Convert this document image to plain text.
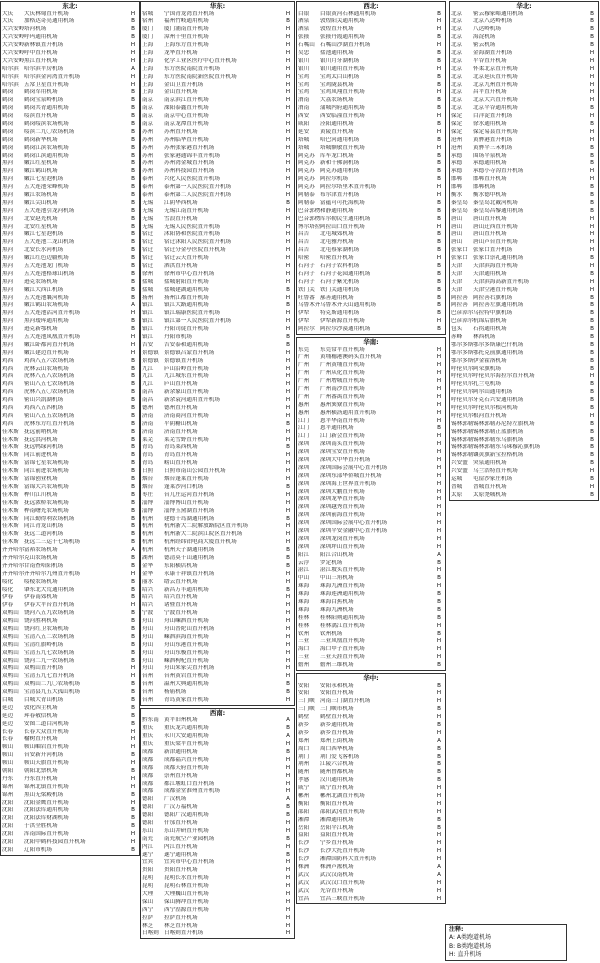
东北:
大庆	大庆林甸直升机场	H
大庆	加格达奇亮通用机场	B
大兴安岭 塔河机场	B
大兴安岭 呼玛通用机场	B
大兴安岭 新林镇直升机场	H
大兴安岭 呼中直升机场	H
大兴安岭 黑江直升机场	H
哈尔滨 哈尔滨平房机场	A
哈尔滨 哈尔滨金河湾直升机场	H
哈尔滨 五常卫星直升机场	H
鹤岗	鹤岗军用机场	B
鹤岗	鹤岗宝泉岭机场	B
鹤岗	鹤岗共青通用机场	B
鹤岗	绥滨直升机场	B
鹤岗	鹤岗绥滨农场机场	B
鹤岗	绥滨二九〇农场机场	B
鹤岗	鹤岗新华机场	B
鹤岗	鹤岗江滨农场机场	B
鹤岗	鹤岗江滨通用机场	B
黑河	嫩江红星机场	B
黑河	嫩江鹤山机场	B
黑河	嫩江七星泡机场	B
黑河	五大连池荣峰机场	B
黑河	嫩江农场机场	B
黑河	嫩江尖山机场	B
黑河	五大连池引龙河机场	B
黑河	北安赵光机场	B
黑河	北安红星机场	B
黑河	嫩江七星泡机场	B
黑河	五大连池二龙山机场	B
黑河	北安长水河机场	B
黑河	嫩江红色边疆机场	B
黑河	五大连池龙门机场	B
黑河	五大连池格球山机场	B
黑河	逊克农场机场	B
黑河	嫩江大西江机场	B
黑河	五大连池襄河机场	B
黑河	嫩江鹤山农场机场	A
黑河	五大连池沾河直升机场	H
黑河	黑河瑷珲通用机场	B
黑河	逊克新鄂机场	B
黑河	五大连池凤凰直升机场	H
黑河	嫩江卧都河直升机场	H
黑河	嫩江建边直升机场	H
鸡西	鸡西八五六农场机场	B
鸡西	虎林云山农场机场	B
鸡西	虎林八五八农场机场	B
鸡西	密山八五七农场机场	B
鸡西	虎林八五〇农场机场	B
鸡西	密山兴凯湖机场	B
鸡西	鸡西八五四机场	B
鸡西	密山八五五农场机场	B
鸡西	虎林东方红直升机场	B
佳木斯 抚远前哨机场	B
佳木斯 抚远洪河机场	B
佳木斯 抚远鸭绿河机场	B
佳木斯 同江前进机场	B
佳木斯 富锦七星农场机场	B
佳木斯 同江前进农场机场	B
佳木斯 富锦创业机场	B
佳木斯 富锦大兴农场机场	B
佳木斯 桦川江川机场	B
佳木斯 抚远浓桥农场机场	B
佳木斯 桦南曙光农场机场	B
佳木斯 同江勤得利农场机场	B
佳木斯 同江青龙山机场	B
佳木斯 抚远二道河机场	B
佳木斯 抚远二三运十七场机场	B
齐齐哈尔 富裕农场机场	A
齐齐哈尔 克山农场机场	B
齐齐哈尔 甘南查哈阳机场	B
齐齐哈尔 齐齐哈尔九州直升机场	H
绥化	绥棱农场机场	B
绥化	肇东北大荒通用机场	B
伊春	伊春南郊机场	B
伊春	伊春大平台直升机场	H
双鸭山 饶河八五九农场机场	B
双鸭山 饶河胜利机场	B
双鸭山 饶河红卫农场机场	B
双鸭山 宝清八五二农场机场	B
双鸭山 宝清红旗岭机场	B
双鸭山 宝清五九七农场机场	B
双鸭山 饶河二九一农场机场	B
双鸭山 双鸭山直升机场	H
双鸭山 宝清五九七直升机场	H
双鸭山 双鸭山二九〇农场机场	B
双鸭山 宝清县九五大孤山机场	B
白城	白城大青山机场	B
延边	敦化四主机场	B
延边	珲春敬信机场	B
延边	安图二道白河机场	B
长春	长春大众直升机场	H
长春	榆树直升机场	H
鞍山	鞍山岫岩直升机场	H
鞍山	台安新开河机场	B
鞍山	鞍山天旗直升机场	H
朝阳	朝阳北票机场	B
丹东	丹东直升机场	H
锦州	锦州北镇直升机场	H
锦州	黑山无梁殿机场	B
沈阳	沈阳金鹰直升机场	H
沈阳	沈阳法库通用机场	B
沈阳	沈阳法库财湖机场	B
沈阳	于洪全胜机场	B
沈阳	浑南国际直升机场	H
沈阳	沈阳中鹤科技园直升机场	H
沈阳	辽阳市机场	B
华东:
宿城	宁国青龙湾直升机场	H
宿州	福州竹岐通用机场	B
厦门	厦门浦南直升机场	H
厦门	漳州十里直升机场	H
上海	上海东方直升机场	H
上海	龙华直升机场	H
上海	化学工业区医疗中心直升机场	H
上海	东方医院南院直升机场	H
上海	东方医院南院新医院直升机场	H
上海	金山卫直升机场	H
上海	金山直升机场	H
南京	南京滨江直升机场	H
南京	溧阳泰鑫直升机场	H
南京	南京中心直升机场	H
南京	南京龙潭直升机场	H
苏州	苏州直升机场	H
苏州	苏州临华直升机场	H
苏州	苏州张家港直升机场	H
苏州	张家港通锦丰直升机场	H
苏州	苏州湾金城直升机场	H
苏州	苏州科技园直升机场	H
泰州	兴化人民医院直升机场	H
泰州	泰州第一人民医院直升机场	H
泰州	泰州第二人民医院直升机场	H
无锡	江阴华西机场	B
无锡	无锡江南直升机场	H
无锡	雪浪直升机场	H
无锡	无锡人民医院直升机场	H
宿迁	沭阳协和医院直升机场	H
宿迁	宿迁沭阳人民医院直升机场	H
宿迁	宿迁分金亭医院直升机场	H
宿迁	宿迁云天直升机场	H
宿迁	泗洪直升机场	H
徐州	徐州市中心直升机场	H
盐城	盐城射阳直升机场	H
盐城	盐城建湖通用机场	B
扬州	扬州江都直升机场	H
镇江	镇江大路通用机场	B
镇江	镇江瑞康医院直升机场	H
镇江	镇江第一人民医院直升机场	H
镇江	丹阳司徒直升机场	H
镇江	丹阳市机场	B
吉安	吉安泰和通用机场	B
景德镇 景德镇吕蒙直升机场	H
景德镇 景德镇直升机场	H
九江	庐山沿岭直升机场	H
九江	九江城东直升机场	H
九江	庐山直升机场	H
南昌	新余象山直升机场	H
南昌	新余袁河通用直升机场	H
德州	德州直升机场	H
济南	济南商河直升机场	H
济南	平阴糖山机场	B
济南	济南直升机场	H
莱芜	莱芜雪野直升机场	H
青岛	青岛莱西机场	B
青岛	青岛直升机场	H
青岛	崂山直升机场	H
日照	日照市南山公园直升机场	H
烟台	烟台蓬莱直升机场	H
烟台	蓬莱沙河口机场	B
枣庄	台儿庄运河直升机场	H
淄博	淄博博山直升机场	H
淄博	淄博玉黛湖直升机场	H
杭州	建德千岛湖通用机场	B
杭州	杭州浙大二院解放路院区直升机场	H
杭州	杭州浙大二院滨江院区直升机场	H
杭州	杭州经纬铂电商大厦直升机场	H
杭州	杭州天子湖通用机场	B
湖州	德清莫干山通用机场	B
金华	东阳横店机场	B
金华	永康千祥镇直升机场	H
丽水	缙云直升机场	H
绍兴	新昌万丰通用机场	B
绍兴	绍兴直升机场	H
绍兴	诸暨直升机场	H
宁波	宁波直升机场	H
舟山	舟山嵊泗直升机场	H
舟山	舟山普陀山直升机场	H
舟山	嵊泗滨海直升机场	H
舟山	舟山东港直升机场	H
舟山	舟山东极直升机场	H
舟山	嵊泗枸杞直升机场	H
舟山	舟山朱家尖直升机场	H
台州	台州黄岩直升机场	H
台州	温州大典通用机场	B
台州	杨庙机场	B
台州	青岛黄家直升机场	H
西南:
黔东南 黄平旧州机场	A
重庆	重庆龙兴通用机场	B
重庆	永川大安通用机场	A
重庆	重庆梁平直升机场	H
成都	新津通用机场	B
成都	成都福兴直升机场	H
成都	成都天府直升机场	H
成都	崇州直升机场	H
成都	都江堰虹口直升机场	H
成都	成都金堂淮州直升机场	H
德阳	广汉机场	A
德阳	广汉万福机场	B
德阳	德阳广汉通用机场	B
德阳	什邡直升机场	H
乐山	乐山井研直升机场	H
南充	南充航空产业园机场	B
内江	内江直升机场	H
遂宁	遂宁通用机场	B
宜宾	宜宾市中心直升机场	H
贵阳	贵阳直升机场	H
昆明	昆明长水直升机场	H
昆明	昆明石林直升机场	H
大理	大理巍山直升机场	H
保山	保山腾冲直升机场	H
西宁	西宁湟源直升机场	H
拉萨	拉萨直升机场	H
林芝	林芝直升机场	H
日喀则 日喀则直升机场	H
西北:
白银	白银黄河石林通用机场	B
酒泉	敦煌阳关通用机场	H
酒泉	敦煌直升机场	H
张掖	张掖丹霞通用机场	B
石嘴山 石嘴山沙湖直升机场	H
吴忠	盐池通用机场	B
银川	银川月牙湖机场	B
银川	银川通用直升机场	H
宝鸡	宝鸡太白山机场	B
宝鸡	宝鸡陇县机场	B
宝鸡	宝鸡凤翔直升机场	H
渭南	大荔农场机场	B
渭南	蒲城内府通用机场	B
西安	西安临潼直升机场	H
咸阳	泾阳通用机场	B
延安	黄陵直升机场	H
塔城	哈巴河通用机场	B
塔城	塔城额敏直升机场	H
阿克苏 库车龙口机场	B
阿克苏 新和千佛洞机场	B
阿克苏 阿克苏通用机场	B
阿克苏 阿拉尔机场	B
阿克苏 阿拉尔塔里木直升机场	H
阿勒泰 布尔津直升机场	H
阿勒泰 富蕴可可托海机场	B
巴音郭楞 和静通用机场	B
巴音郭楞 库尔勒民生通用机场	B
博尔塔拉 阿拉山口直升机场	H
昌吉	北屯城郊机场	B
昌吉	北屯雅丹机场	B
昌吉	北屯蔡家湖机场	B
哈密	哈密直升机场	H
石河子 石河子农科机场	B
石河子 石河子花园通用机场	B
石河子 石河子紫光机场	B
铁门关 铁门关通用机场	B
吐鲁番 鄯善通用机场	B
乌鲁木齐 乌鲁木齐天山通用机场	B
伊犁	特克斯通用机场	B
伊犁	伊犁新源直升机场	H
阿拉尔 阿拉尔沙漠通用机场	B
华南:
东莞	东莞常平直升机场	H
广州	黄埔穗港澳码头直升机场	H
广州	广州黄埔直升机场	H
广州	广州从化直升机场	H
广州	广州增城直升机场	H
广州	广州南沙直升机场	H
广州	广州番禺直升机场	H
惠州	惠州巽寮直升机场	H
惠州	惠州横沥通用直升机场	H
江门	恩平华南直升机场	H
江门	恩平通用机场	B
江门	江门新会直升机场	H
深圳	深圳南头直升机场	H
深圳	深圳宝安直升机场	H
深圳	深圳大中华直升机场	H
深圳	深圳国际会展中心直升机场	H
深圳	深圳东部华侨城直升机场	H
深圳	深圳海上世界直升机场	H
深圳	深圳大鹏直升机场	H
深圳	深圳龙华直升机场	H
深圳	深圳越秀直升机场	H
深圳	深圳前海直升机场	H
深圳	深圳国际会展中心直升机场	H
深圳	深圳平安金融中心直升机场	H
深圳	深圳龙岗直升机场	H
深圳	深圳坪山直升机场	H
阳江	阳江合山机场	A
云浮	罗定机场	B
湛江	湛江坡头直升机场	H
中山	中山三角机场	B
珠海	珠海九洲直升机场	H
珠海	珠海莲洲通用机场	B
珠海	珠海白蕉机场	B
珠海	珠海九洲机场	B
桂林	桂林阳朔通用机场	B
桂林	桂林漓江直升机场	H
钦州	钦州机场	B
三亚	三亚凤凰直升机场	H
海口	海口甲子直升机场	H
三亚	三亚天涯直升机场	H
儋州	儋州三维机场	B
华中:
安阳	安阳永和机场	B
安阳	安阳直升机场	H
三门峡 河南三门湖直升机场	H
三门峡 三门峡市机场	B
鹤壁	鹤壁直升机场	H
新乡	新乡通用机场	B
新乡	新乡直升机场	H
郑州	郑州上街机场	A
周口	周口西华机场	B
荆门	荆门爱飞客机场	B
荆州	江陵六合机场	B
随州	随州曾都机场	B
孝感	汉川通用机场	B
咸宁	咸宁直升机场	H
郴州	郴州北湖直升机场	H
衡阳	衡阳直升机场	H
邵阳	邵阳武冈直升机场	H
湘潭	湘潭通用机场	B
岳阳	岳阳平江机场	B
益阳	益阳直升机场	H
长沙	宁乡直升机场	H
长沙	长沙大托直升机场	H
长沙	湘潭国防科大直升机场	H
株洲	株洲芦淞机场	A
武汉	武汉汉南机场	A
武汉	武汉汉口直升机场	H
武汉	光谷直升机场	H
宜昌	宜昌三峡直升机场	H
华北:
北京	密云穆家峪通用机场	B
北京	北京八达岭机场	B
北京	八达岭机场	B
北京	海淀机场	B
北京	密云机场	B
北京	金海湖直升机场	H
北京	平谷直升机场	H
北京	怀柔北京直升机场	H
北京	北京延庆直升机场	H
北京	北京九州直升机场	H
北京	昌平直升机场	H
北京	北京大兴直升机场	H
北京	北京平谷通用机场	B
保定	白洋淀直升机场	H
保定	徐水通用机场	B
保定	保定易县直升机场	H
沧州	黄骅港直升机场	H
沧州	黄骅平三禾机场	B
承德	围场平泉机场	B
承德	承德通用机场	B
承德	承德小寺沟直升机场	H
邯郸	邯郸直升机场	H
邯郸	邯郸机场	B
衡水	衡水德甲机场	B
秦皇岛 秦皇岛北戴河机场	B
秦皇岛 秦皇岛昌黎通用机场	B
唐山	唐山直升机场	H
唐山	唐山迁西直升机场	H
唐山	唐山直升机场	H
唐山	唐山芦台直升机场	H
张家口 张家口直升机场	H
张家口 张家口崇礼通用机场	B
天津	天津滨海直升机场	H
天津	天津通用机场	B
天津	天津滨海高新直升机场	H
天津	天津空港直升机场	H
阿拉善 阿拉善右旗机场	B
阿拉善 阿拉善左旗通用机场	B
巴彦淖尔 乌拉特中旗机场	B
巴彦淖尔 杭锦后旗机场	B
包头	石拐通用机场	B
赤峰	林西机场	B
鄂尔多斯 鄂尔多斯康巴什机场	B
鄂尔多斯 鄂托克前旗通用机场	B
鄂尔多斯 伊金霍洛机场	B
呼伦贝尔 阿荣旗机场	B
呼伦贝尔 呼伦贝尔海拉尔直升机场	H
呼伦贝尔 扎兰屯机场	B
呼伦贝尔 阿尔山通用机场	B
呼伦贝尔 牙克石兴安通用机场	B
呼伦贝尔 呼伦贝尔根河机场	B
呼伦贝尔 根河直升机场	H
锡林郭勒 锡林郭勒苏尼特左旗机场	B
锡林郭勒 锡林郭勒正蓝旗机场	B
锡林郭勒 锡林郭勒东乌旗机场	B
锡林郭勒 锡林郭勒东乌珠穆沁旗机场	B
锡林郭勒 镶黄旗新宝拉格机场	B
兴安盟 突泉通用机场	B
兴安盟 乌兰浩特直升机场	H
运城	屯留沙家庄机场	B
晋城	晋城直升机场	H
太原	太原尧城机场	B
注释:
A: A类跑道机场
B: B类跑道机场
H: 直升机场
